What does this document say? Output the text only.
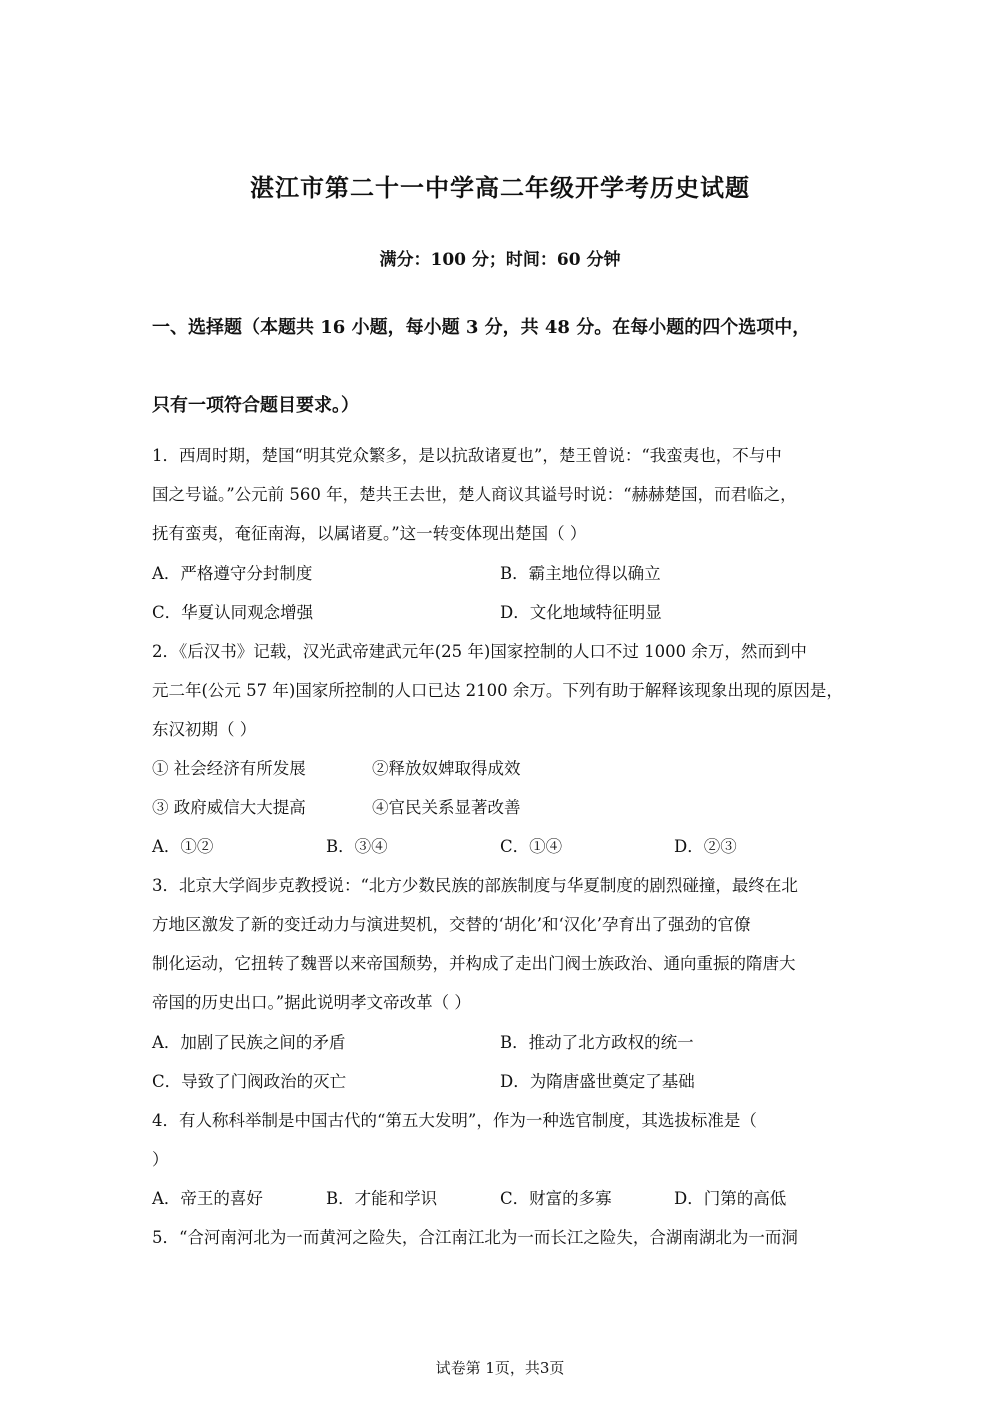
湛江市第二十一中学高二年级开学考历史试题
满分：100 分；时间：60 分钟
一、选择题（本题共 16 小题，每小题 3 分，共 48 分。在每小题的四个选项中，
只有一项符合题目要求。）
1．西周时期，楚国“明其党众繁多，是以抗敌诸夏也”，楚王曾说：“我蛮夷也，不与中
国之号谥。”公元前 560 年，楚共王去世，楚人商议其谥号时说：“赫赫楚国，而君临之，
抚有蛮夷，奄征南海，以属诸夏。”这一转变体现出楚国（ ）
A．严格遵守分封制度	B．霸主地位得以确立
C．华夏认同观念增强	D．文化地域特征明显
2．《后汉书》记载，汉光武帝建武元年(25 年)国家控制的人口不过 1000 余万，然而到中
元二年(公元 57 年)国家所控制的人口已达 2100 余万。下列有助于解释该现象出现的原因是，
东汉初期（ ）
① 社会经济有所发展	②释放奴婢取得成效
③ 政府威信大大提高	④官民关系显著改善
A．①②	B．③④	C．①④	D．②③
3．北京大学阎步克教授说：“北方少数民族的部族制度与华夏制度的剧烈碰撞，最终在北
方地区激发了新的变迁动力与演进契机，交替的‘胡化’和‘汉化’孕育出了强劲的官僚
制化运动，它扭转了魏晋以来帝国颓势，并构成了走出门阀士族政治、通向重振的隋唐大
帝国的历史出口。”据此说明孝文帝改革（ ）
A．加剧了民族之间的矛盾	B．推动了北方政权的统一
C．导致了门阀政治的灭亡	D．为隋唐盛世奠定了基础
4．有人称科举制是中国古代的“第五大发明”，作为一种选官制度，其选拔标准是（
）
A．帝王的喜好	B．才能和学识	C．财富的多寡	D．门第的高低
5．“合河南河北为一而黄河之险失，合江南江北为一而长江之险失，合湖南湖北为一而洞
试卷第 1页，共3页
